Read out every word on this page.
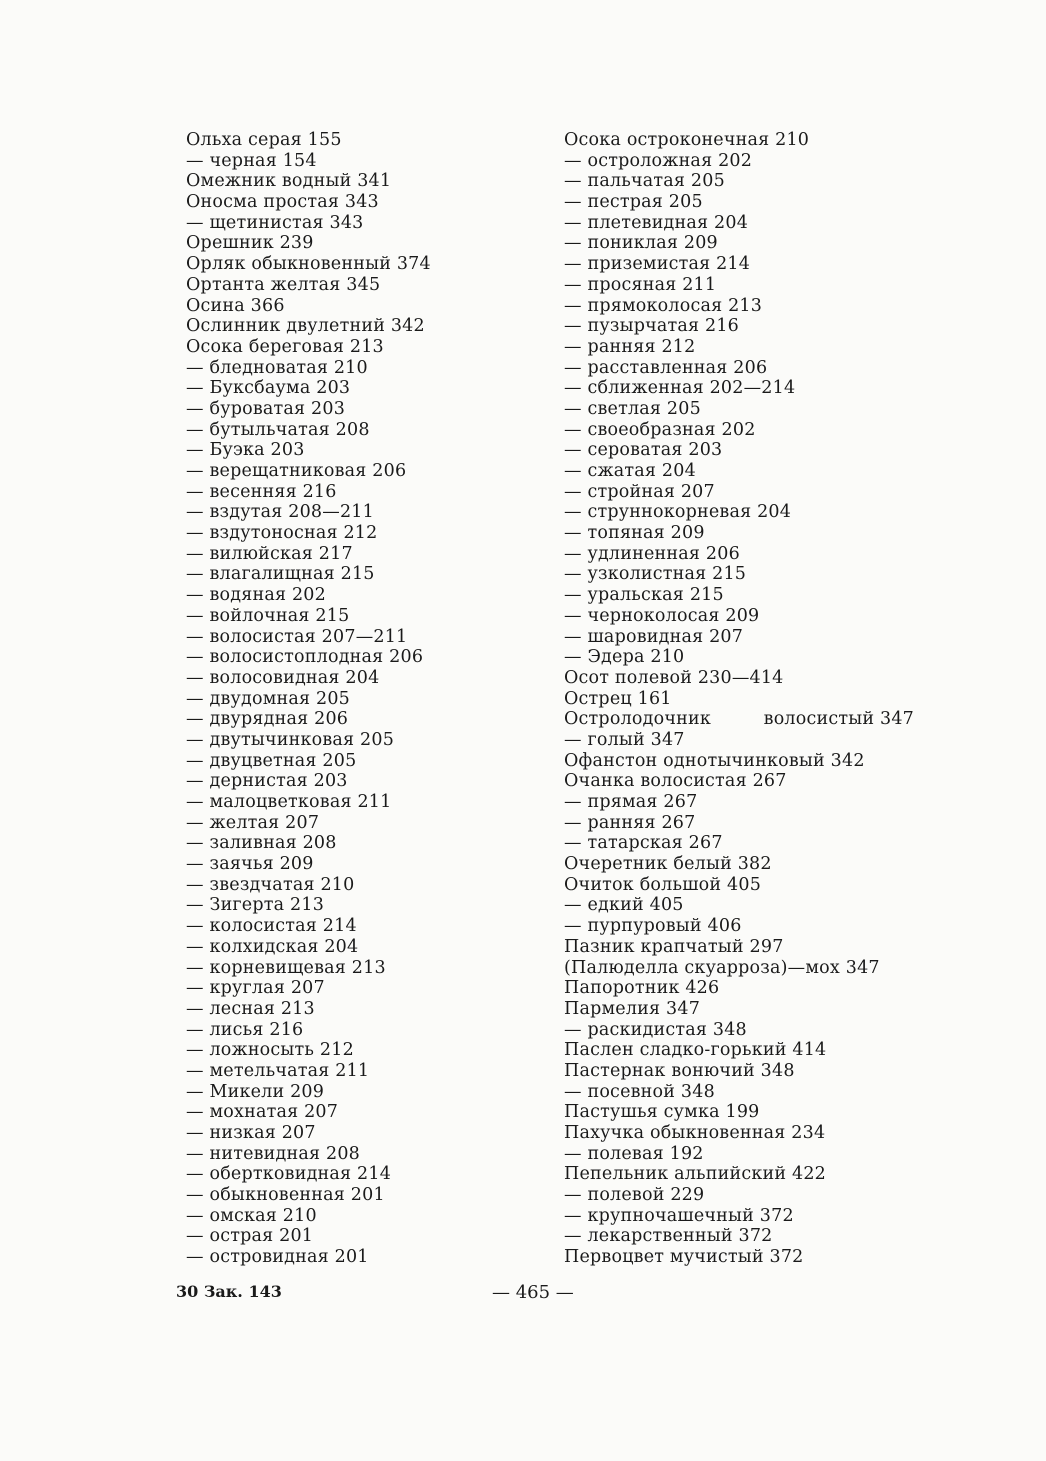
Ольха серая 155
— черная 154
Омежник водный 341
Оносма простая 343
— щетинистая 343
Орешник 239
Орляк обыкновенный 374
Ортанта желтая 345
Осина 366
Ослинник двулетний 342
Осока береговая 213
— бледноватая 210
— Буксбаума 203
— буроватая 203
— бутыльчатая 208
— Буэка 203
— верещатниковая 206
— весенняя 216
— вздутая 208—211
— вздутоносная 212
— вилюйская 217
— влагалищная 215
— водяная 202
— войлочная 215
— волосистая 207—211
— волосистоплодная 206
— волосовидная 204
— двудомная 205
— двурядная 206
— двутычинковая 205
— двуцветная 205
— дернистая 203
— малоцветковая 211
— желтая 207
— заливная 208
— заячья 209
— звездчатая 210
— Зигерта 213
— колосистая 214
— колхидская 204
— корневищевая 213
— круглая 207
— лесная 213
— лисья 216
— ложносыть 212
— метельчатая 211
— Микели 209
— мохнатая 207
— низкая 207
— нитевидная 208
— обертковидная 214
— обыкновенная 201
— омская 210
— острая 201
— островидная 201
Осока остроконечная 210
— остроложная 202
— пальчатая 205
— пестрая 205
— плетевидная 204
— пониклая 209
— приземистая 214
— просяная 211
— прямоколосая 213
— пузырчатая 216
— ранняя 212
— расставленная 206
— сближенная 202—214
— светлая 205
— своеобразная 202
— сероватая 203
— сжатая 204
— стройная 207
— струннокорневая 204
— топяная 209
— удлиненная 206
— узколистная 215
— уральская 215
— черноколосая 209
— шаровидная 207
— Эдера 210
Осот полевой 230—414
Острец 161
Остролодочник	волосистый 347
— голый 347
Офанстон однотычинковый 342
Очанка волосистая 267
— прямая 267
— ранняя 267
— татарская 267
Очеретник белый 382
Очиток большой 405
— едкий 405
— пурпуровый 406
Пазник крапчатый 297
(Палюделла скуарроза)—мох 347
Папоротник 426
Пармелия 347
— раскидистая 348
Паслен сладко-горький 414
Пастернак вонючий 348
— посевной 348
Пастушья сумка 199
Пахучка обыкновенная 234
— полевая 192
Пепельник альпийский 422
— полевой 229
— крупночашечный 372
— лекарственный 372
Первоцвет мучистый 372
30 Зак. 143	— 465 —
